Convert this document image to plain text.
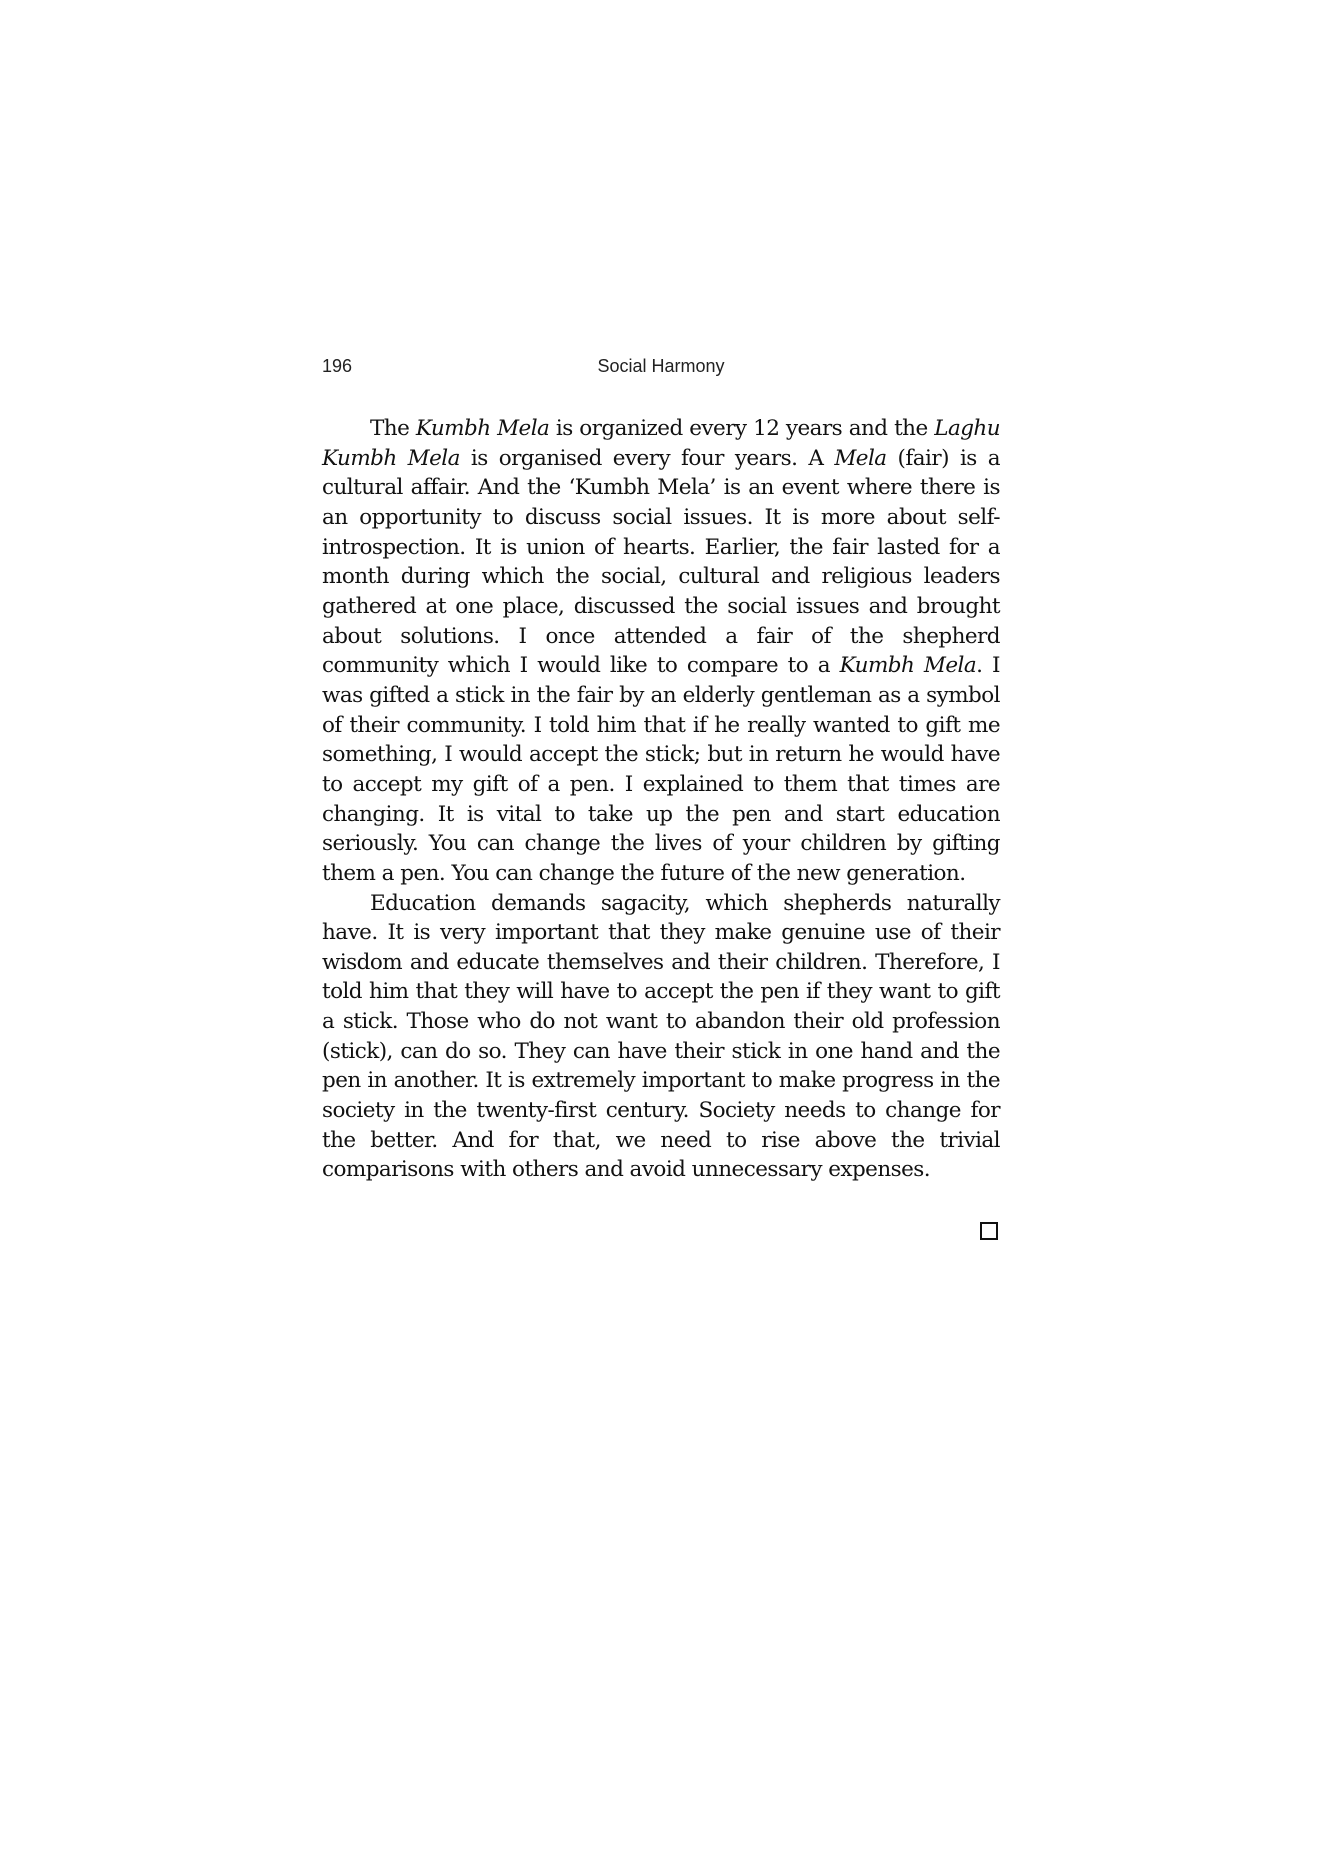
196	Social Harmony

The Kumbh Mela is organized every 12 years and the Laghu Kumbh Mela is organised every four years. A Mela (fair) is a cultural affair. And the ‘Kumbh Mela’ is an event where there is an opportunity to discuss social issues. It is more about self-introspection. It is union of hearts. Earlier, the fair lasted for a month during which the social, cultural and religious leaders gathered at one place, discussed the social issues and brought about solutions. I once attended a fair of the shepherd community which I would like to compare to a Kumbh Mela. I was gifted a stick in the fair by an elderly gentleman as a symbol of their community. I told him that if he really wanted to gift me something, I would accept the stick; but in return he would have to accept my gift of a pen. I explained to them that times are changing. It is vital to take up the pen and start education seriously. You can change the lives of your children by gifting them a pen. You can change the future of the new generation.

Education demands sagacity, which shepherds naturally have. It is very important that they make genuine use of their wisdom and educate themselves and their children. Therefore, I told him that they will have to accept the pen if they want to gift a stick. Those who do not want to abandon their old profession (stick), can do so. They can have their stick in one hand and the pen in another. It is extremely important to make progress in the society in the twenty-first century. Society needs to change for the better. And for that, we need to rise above the trivial comparisons with others and avoid unnecessary expenses.
